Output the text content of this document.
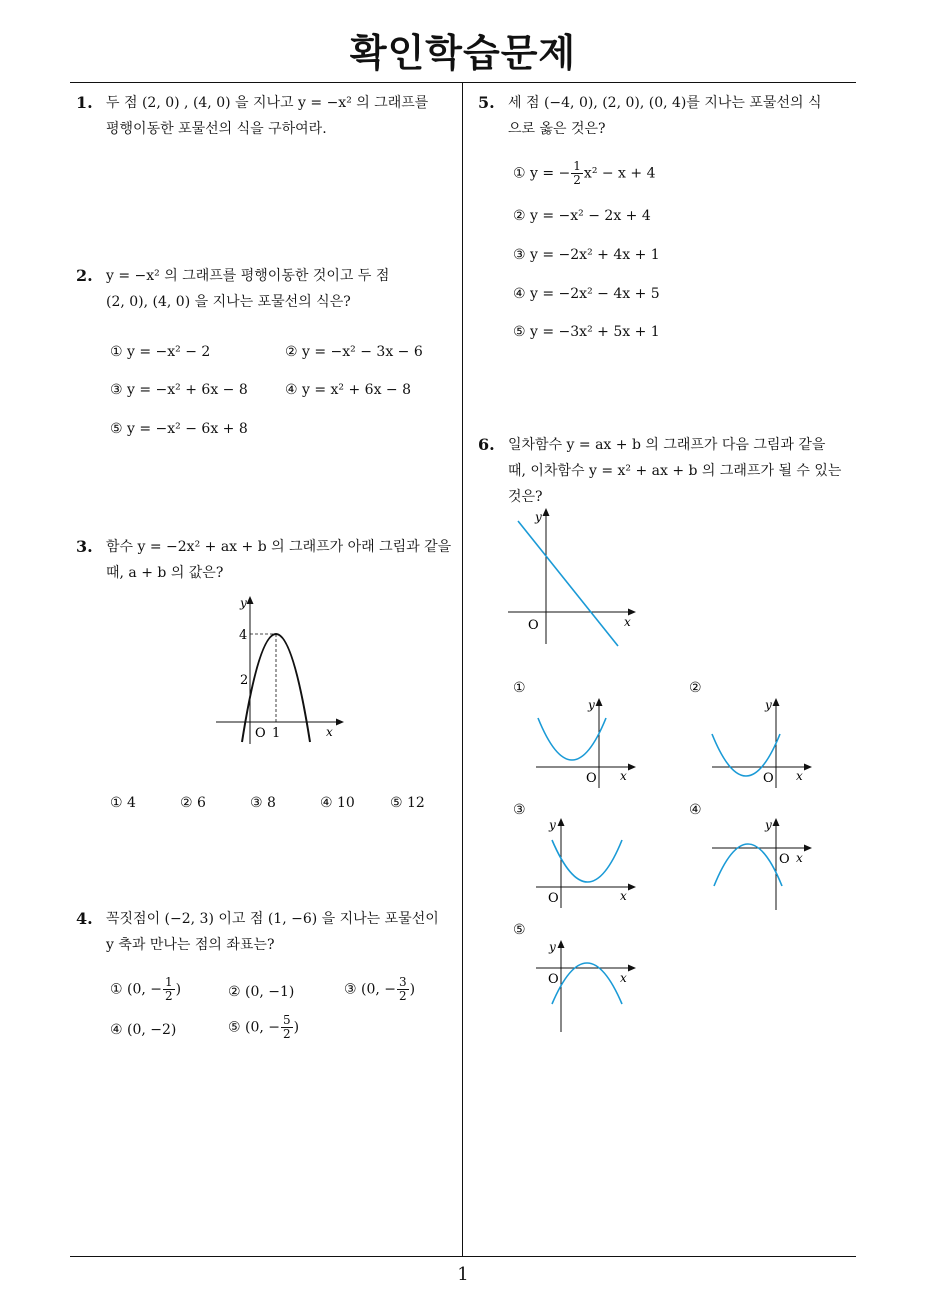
확인학습문제
1
1. 두 점 (2, 0) , (4, 0) 을 지나고 y = −x² 의 그래프를
평행이동한 포물선의 식을 구하여라.
2. y = −x² 의 그래프를 평행이동한 것이고 두 점
(2, 0), (4, 0) 을 지나는 포물선의 식은?
① y = −x² − 2	② y = −x² − 3x − 6
③ y = −x² + 6x − 8	④ y = x² + 6x − 8
⑤ y = −x² − 6x + 8
3. 함수 y = −2x² + ax + b 의 그래프가 아래 그림과 같을
때, a + b 의 값은?
y
x
O 1
4
2
① 4	② 6	③ 8	④ 10	⑤ 12
4. 꼭짓점이 (−2, 3) 이고 점 (1, −6) 을 지나는 포물선이
y 축과 만나는 점의 좌표는?
① (0, − $\frac{1}{2}$ )	② (0, −1)	③ (0, − $\frac{3}{2}$ )
④ (0, −2)	⑤ (0, − $\frac{5}{2}$ )
5. 세 점 (−4, 0), (2, 0), (0, 4)를 지나는 포물선의 식
으로 옳은 것은?
① y = − $\frac{1}{2} x^2 - x + 4$
② y = −x² − 2x + 4
③ y = −2x² + 4x + 1
④ y = −2x² − 4x + 5
⑤ y = −3x² + 5x + 1
6. 일차함수 y = ax + b 의 그래프가 다음 그림과 같을
때, 이차함수 y = x² + ax + b 의 그래프가 될 수 있는
것은?
y
x
O
①
y
x
O
②
y
x
O
③
y
x
O
④
y
x
O
⑤
y
x
O
